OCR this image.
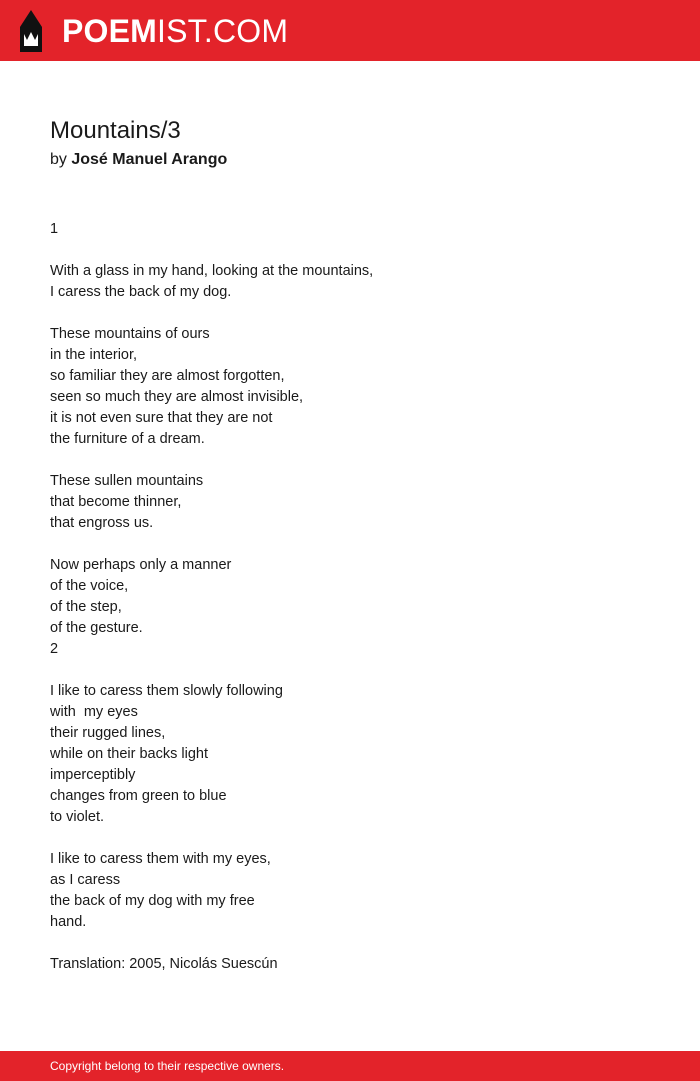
POEMIST.COM
Mountains/3
by José Manuel Arango
1
With a glass in my hand, looking at the mountains,
I caress the back of my dog.
These mountains of ours
in the interior,
so familiar they are almost forgotten,
seen so much they are almost invisible,
it is not even sure that they are not
the furniture of a dream.
These sullen mountains
that become thinner,
that engross us.
Now perhaps only a manner
of the voice,
of the step,
of the gesture.
2
I like to caress them slowly following
with  my eyes
their rugged lines,
while on their backs light
imperceptibly
changes from green to blue
to violet.
I like to caress them with my eyes,
as I caress
the back of my dog with my free
hand.
Translation: 2005, Nicolás Suescún
Copyright belong to their respective owners.
